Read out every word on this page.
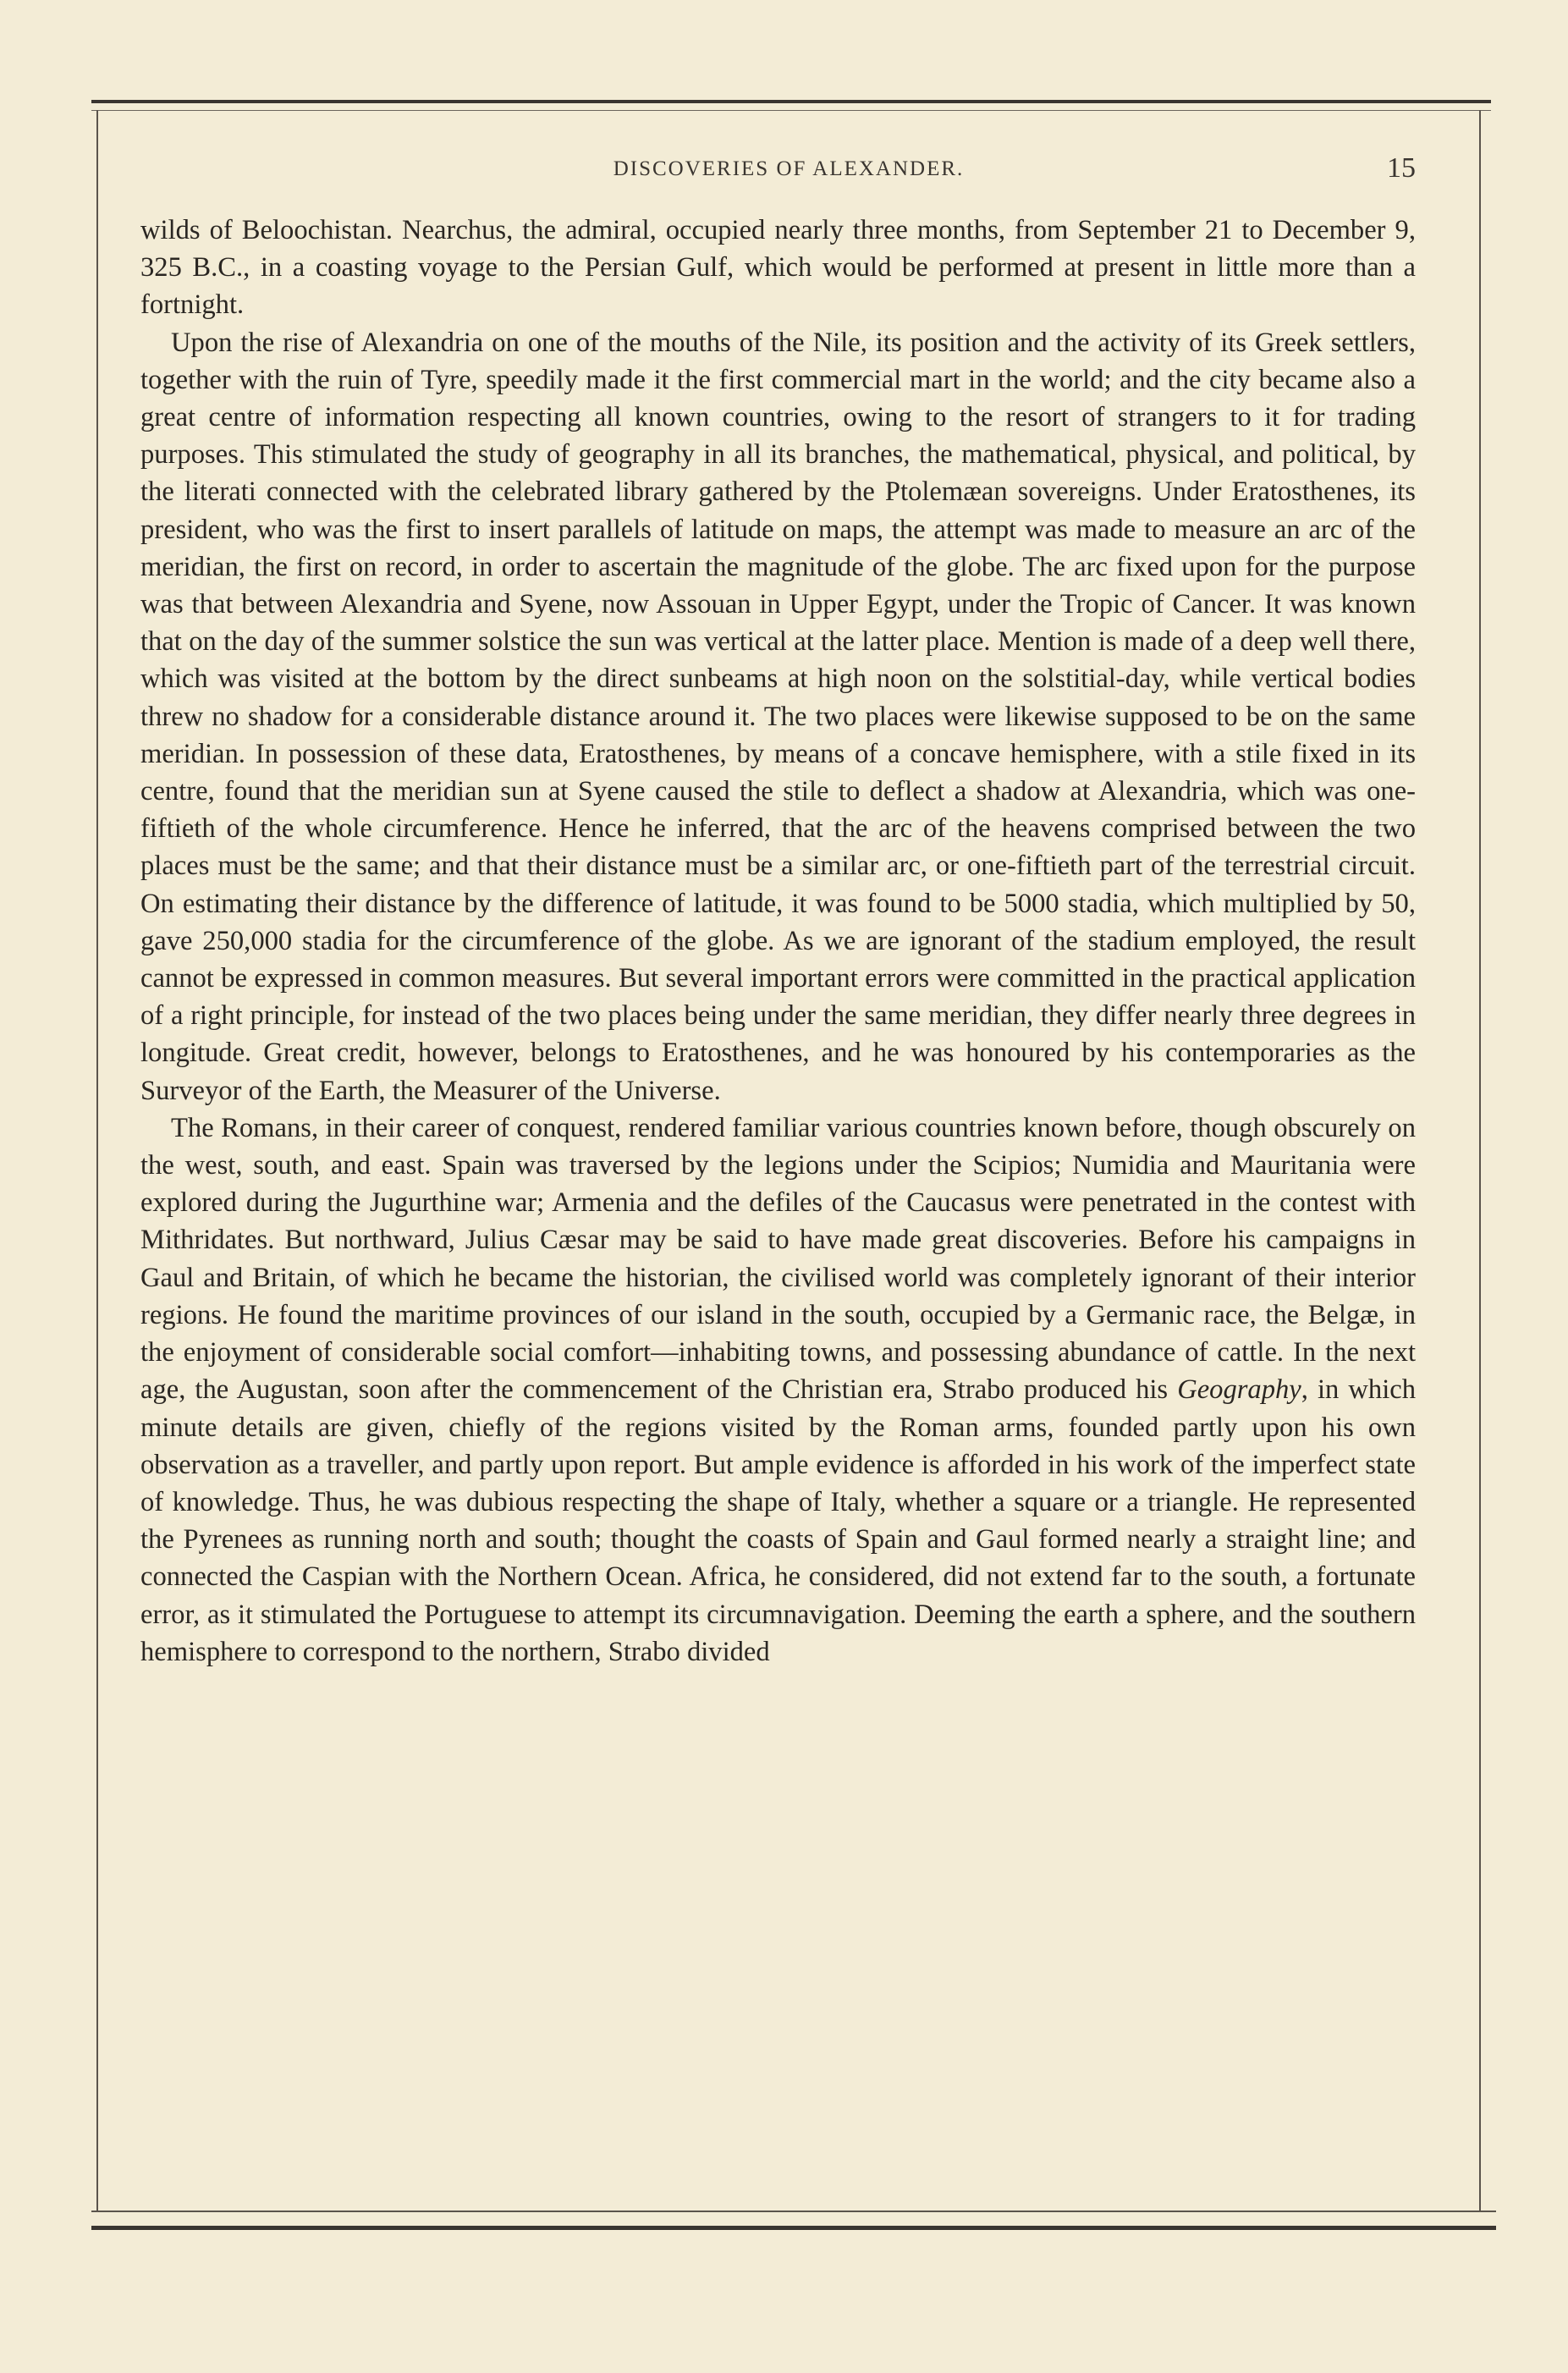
DISCOVERIES OF ALEXANDER.	15

wilds of Beloochistan. Nearchus, the admiral, occupied nearly three months, from September 21 to December 9, 325 B.C., in a coasting voyage to the Persian Gulf, which would be performed at present in little more than a fortnight.

Upon the rise of Alexandria on one of the mouths of the Nile, its position and the activity of its Greek settlers, together with the ruin of Tyre, speedily made it the first commercial mart in the world; and the city became also a great centre of information respecting all known countries, owing to the resort of strangers to it for trading purposes. This stimulated the study of geography in all its branches, the mathematical, physical, and political, by the literati connected with the celebrated library gathered by the Ptolemæan sovereigns. Under Eratosthenes, its president, who was the first to insert parallels of latitude on maps, the attempt was made to measure an arc of the meridian, the first on record, in order to ascertain the magnitude of the globe. The arc fixed upon for the purpose was that between Alexandria and Syene, now Assouan in Upper Egypt, under the Tropic of Cancer. It was known that on the day of the summer solstice the sun was vertical at the latter place. Mention is made of a deep well there, which was visited at the bottom by the direct sunbeams at high noon on the solstitial-day, while vertical bodies threw no shadow for a considerable distance around it. The two places were likewise supposed to be on the same meridian. In possession of these data, Eratosthenes, by means of a concave hemisphere, with a stile fixed in its centre, found that the meridian sun at Syene caused the stile to deflect a shadow at Alexandria, which was one-fiftieth of the whole circumference. Hence he inferred, that the arc of the heavens comprised between the two places must be the same; and that their distance must be a similar arc, or one-fiftieth part of the terrestrial circuit. On estimating their distance by the difference of latitude, it was found to be 5000 stadia, which multiplied by 50, gave 250,000 stadia for the circumference of the globe. As we are ignorant of the stadium employed, the result cannot be expressed in common measures. But several important errors were committed in the practical application of a right principle, for instead of the two places being under the same meridian, they differ nearly three degrees in longitude. Great credit, however, belongs to Eratosthenes, and he was honoured by his contemporaries as the Surveyor of the Earth, the Measurer of the Universe.

The Romans, in their career of conquest, rendered familiar various countries known before, though obscurely on the west, south, and east. Spain was traversed by the legions under the Scipios; Numidia and Mauritania were explored during the Jugurthine war; Armenia and the defiles of the Caucasus were penetrated in the contest with Mithridates. But northward, Julius Cæsar may be said to have made great discoveries. Before his campaigns in Gaul and Britain, of which he became the historian, the civilised world was completely ignorant of their interior regions. He found the maritime provinces of our island in the south, occupied by a Germanic race, the Belgæ, in the enjoyment of considerable social comfort—inhabiting towns, and possessing abundance of cattle. In the next age, the Augustan, soon after the commencement of the Christian era, Strabo produced his Geography, in which minute details are given, chiefly of the regions visited by the Roman arms, founded partly upon his own observation as a traveller, and partly upon report. But ample evidence is afforded in his work of the imperfect state of knowledge. Thus, he was dubious respecting the shape of Italy, whether a square or a triangle. He represented the Pyrenees as running north and south; thought the coasts of Spain and Gaul formed nearly a straight line; and connected the Caspian with the Northern Ocean. Africa, he considered, did not extend far to the south, a fortunate error, as it stimulated the Portuguese to attempt its circumnavigation. Deeming the earth a sphere, and the southern hemisphere to correspond to the northern, Strabo divided
